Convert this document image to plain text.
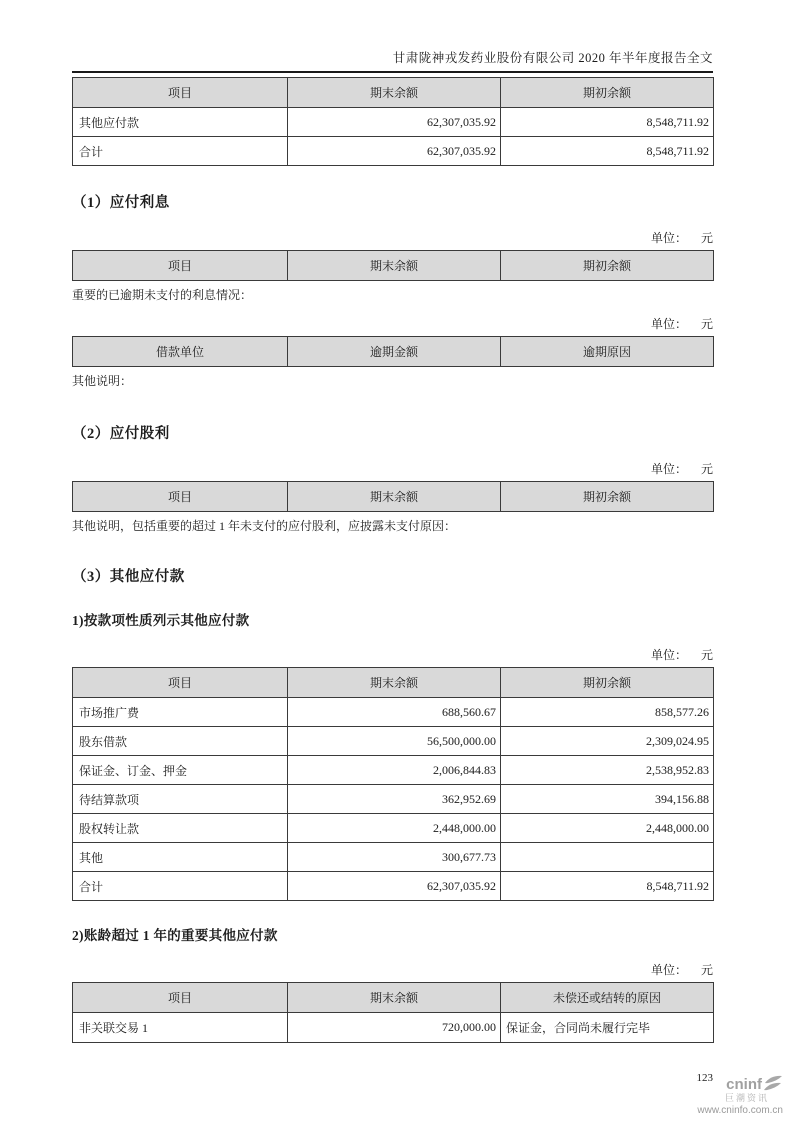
甘肃陇神戎发药业股份有限公司 2020 年半年度报告全文
项目	期末余额	期初余额
其他应付款	62,307,035.92	8,548,711.92
合计	62,307,035.92	8,548,711.92
（1）应付利息
单位： 元
项目	期末余额	期初余额

重要的已逾期未支付的利息情况：

单位： 元
借款单位	逾期金额	逾期原因

其他说明：

（2）应付股利
单位： 元
项目	期末余额	期初余额

其他说明，包括重要的超过 1 年未支付的应付股利，应披露未支付原因：

（3）其他应付款
1)按款项性质列示其他应付款
单位： 元
项目	期末余额	期初余额
市场推广费	688,560.67	858,577.26
股东借款	56,500,000.00	2,309,024.95
保证金、订金、押金	2,006,844.83	2,538,952.83
待结算款项	362,952.69	394,156.88
股权转让款	2,448,000.00	2,448,000.00
其他	300,677.73	
合计	62,307,035.92	8,548,711.92
2)账龄超过 1 年的重要其他应付款
单位： 元
项目	期末余额	未偿还或结转的原因
非关联交易 1	720,000.00	保证金，合同尚未履行完毕
123 cninf
巨潮资讯
www.cninfo.com.cn
